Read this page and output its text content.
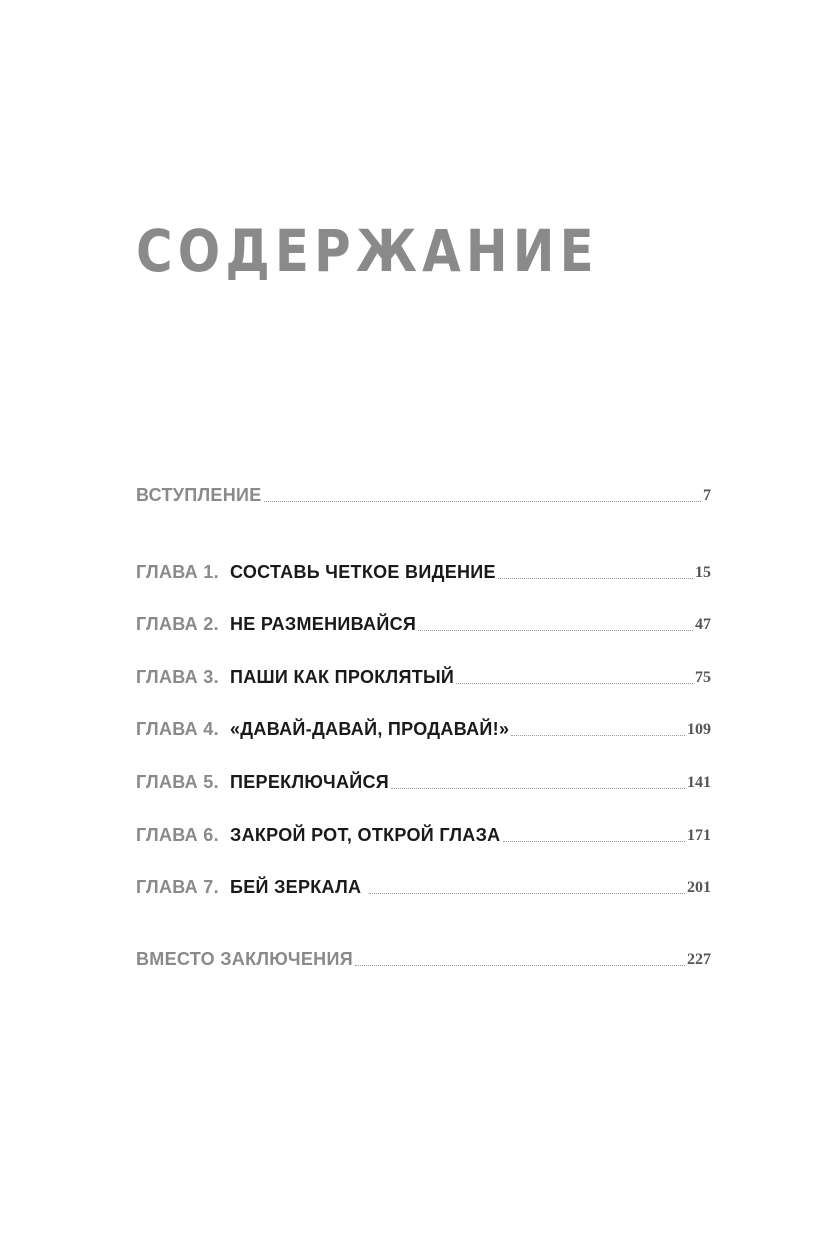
СОДЕРЖАНИЕ
ВСТУПЛЕНИЕ	7
ГЛАВА 1. СОСТАВЬ ЧЕТКОЕ ВИДЕНИЕ	15
ГЛАВА 2. НЕ РАЗМЕНИВАЙСЯ	47
ГЛАВА 3. ПАШИ КАК ПРОКЛЯТЫЙ	75
ГЛАВА 4. «ДАВАЙ-ДАВАЙ, ПРОДАВАЙ!»	109
ГЛАВА 5. ПЕРЕКЛЮЧАЙСЯ	141
ГЛАВА 6. ЗАКРОЙ РОТ, ОТКРОЙ ГЛАЗА	171
ГЛАВА 7. БЕЙ ЗЕРКАЛА	201
ВМЕСТО ЗАКЛЮЧЕНИЯ	227
